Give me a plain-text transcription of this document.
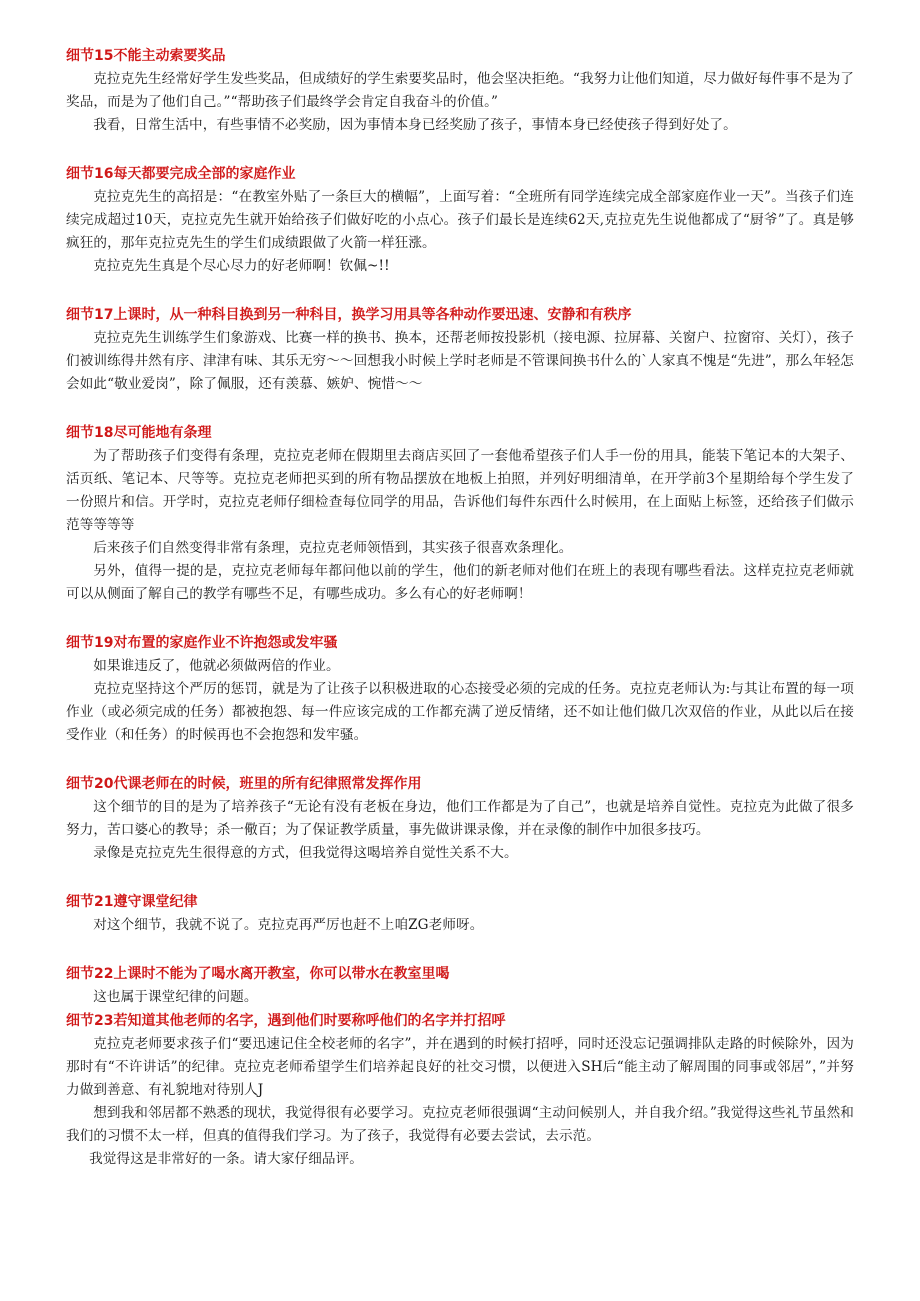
细节15不能主动索要奖品

克拉克先生经常好学生发些奖品，但成绩好的学生索要奖品时，他会坚决拒绝。“我努力让他们知道，尽力做好每件事不是为了奖品，而是为了他们自己。”“帮助孩子们最终学会肯定自我奋斗的价值。”

我看，日常生活中，有些事情不必奖励，因为事情本身已经奖励了孩子，事情本身已经使孩子得到好处了。

细节16每天都要完成全部的家庭作业

克拉克先生的高招是：“在教室外贴了一条巨大的横幅”，上面写着：“全班所有同学连续完成全部家庭作业一天”。当孩子们连续完成超过10天，克拉克先生就开始给孩子们做好吃的小点心。孩子们最长是连续62天,克拉克先生说他都成了“厨爷”了。真是够疯狂的，那年克拉克先生的学生们成绩跟做了火箭一样狂涨。

克拉克先生真是个尽心尽力的好老师啊！钦佩~!!

细节17上课时，从一种科目换到另一种科目，换学习用具等各种动作要迅速、安静和有秩序

克拉克先生训练学生们象游戏、比赛一样的换书、换本，还帮老师按投影机（接电源、拉屏幕、关窗户、拉窗帘、关灯），孩子们被训练得井然有序、津津有味、其乐无穷～～回想我小时候上学时老师是不管课间换书什么的`人家真不愧是“先进”，那么年轻怎会如此“敬业爱岗”，除了佩服，还有羡慕、嫉妒、惋惜～～

细节18尽可能地有条理

为了帮助孩子们变得有条理，克拉克老师在假期里去商店买回了一套他希望孩子们人手一份的用具，能装下笔记本的大架子、活页纸、笔记本、尺等等。克拉克老师把买到的所有物品摆放在地板上拍照，并列好明细清单，在开学前3个星期给每个学生发了一份照片和信。开学时，克拉克老师仔细检查每位同学的用品，告诉他们每件东西什么时候用，在上面贴上标签，还给孩子们做示范等等等等

后来孩子们自然变得非常有条理，克拉克老师领悟到，其实孩子很喜欢条理化。

另外，值得一提的是，克拉克老师每年都问他以前的学生，他们的新老师对他们在班上的表现有哪些看法。这样克拉克老师就可以从侧面了解自己的教学有哪些不足，有哪些成功。多么有心的好老师啊！

细节19对布置的家庭作业不许抱怨或发牢骚

如果谁违反了，他就必须做两倍的作业。

克拉克坚持这个严厉的惩罚，就是为了让孩子以积极进取的心态接受必须的完成的任务。克拉克老师认为:与其让布置的每一项作业（或必须完成的任务）都被抱怨、每一件应该完成的工作都充满了逆反情绪，还不如让他们做几次双倍的作业，从此以后在接受作业（和任务）的时候再也不会抱怨和发牢骚。

细节20代课老师在的时候，班里的所有纪律照常发挥作用

这个细节的目的是为了培养孩子“无论有没有老板在身边，他们工作都是为了自己”，也就是培养自觉性。克拉克为此做了很多努力，苦口婆心的教导；杀一儆百；为了保证教学质量，事先做讲课录像，并在录像的制作中加很多技巧。

录像是克拉克先生很得意的方式，但我觉得这喝培养自觉性关系不大。

细节21遵守课堂纪律

对这个细节，我就不说了。克拉克再严厉也赶不上咱ZG老师呀。

细节22上课时不能为了喝水离开教室，你可以带水在教室里喝

这也属于课堂纪律的问题。

细节23若知道其他老师的名字，遇到他们时要称呼他们的名字并打招呼

克拉克老师要求孩子们“要迅速记住全校老师的名字”，并在遇到的时候打招呼，同时还没忘记强调排队走路的时候除外，因为那时有“不许讲话”的纪律。克拉克老师希望学生们培养起良好的社交习惯，以便进入SH后“能主动了解周围的同事或邻居”，”并努力做到善意、有礼貌地对待别人J

想到我和邻居都不熟悉的现状，我觉得很有必要学习。克拉克老师很强调“主动问候别人，并自我介绍。”我觉得这些礼节虽然和我们的习惯不太一样，但真的值得我们学习。为了孩子，我觉得有必要去尝试，去示范。

我觉得这是非常好的一条。请大家仔细品评。
